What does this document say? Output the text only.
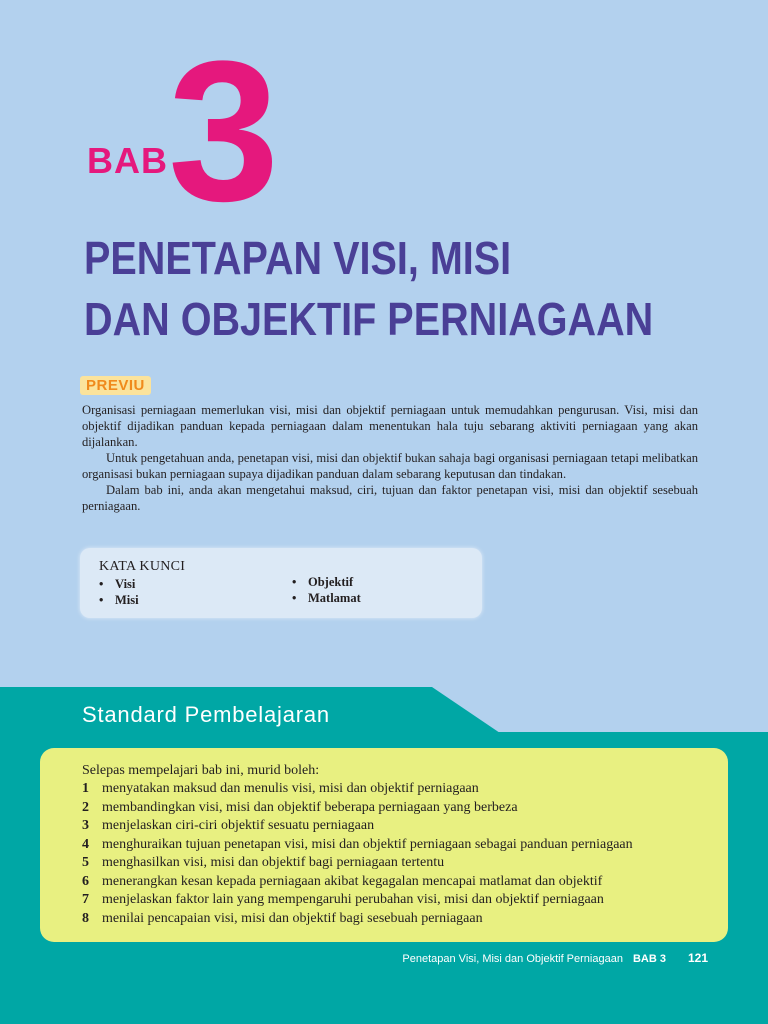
BAB 3
PENETAPAN VISI, MISI
DAN OBJEKTIF PERNIAGAAN
PREVIU

Organisasi perniagaan memerlukan visi, misi dan objektif perniagaan untuk memudahkan pengurusan. Visi, misi dan objektif dijadikan panduan kepada perniagaan dalam menentukan hala tuju sebarang aktiviti perniagaan yang akan dijalankan.

Untuk pengetahuan anda, penetapan visi, misi dan objektif bukan sahaja bagi organisasi perniagaan tetapi melibatkan organisasi bukan perniagaan supaya dijadikan panduan dalam sebarang keputusan dan tindakan.

Dalam bab ini, anda akan mengetahui maksud, ciri, tujuan dan faktor penetapan visi, misi dan objektif sesebuah perniagaan.

KATA KUNCI
• Visi
• Misi
• Objektif
• Matlamat
Standard Pembelajaran
Selepas mempelajari bab ini, murid boleh:
1 menyatakan maksud dan menulis visi, misi dan objektif perniagaan
2 membandingkan visi, misi dan objektif beberapa perniagaan yang berbeza
3 menjelaskan ciri-ciri objektif sesuatu perniagaan
4 menghuraikan tujuan penetapan visi, misi dan objektif perniagaan sebagai panduan perniagaan
5 menghasilkan visi, misi dan objektif bagi perniagaan tertentu
6 menerangkan kesan kepada perniagaan akibat kegagalan mencapai matlamat dan objektif
7 menjelaskan faktor lain yang mempengaruhi perubahan visi, misi dan objektif perniagaan
8 menilai pencapaian visi, misi dan objektif bagi sesebuah perniagaan
Penetapan Visi, Misi dan Objektif Perniagaan BAB 3 121
